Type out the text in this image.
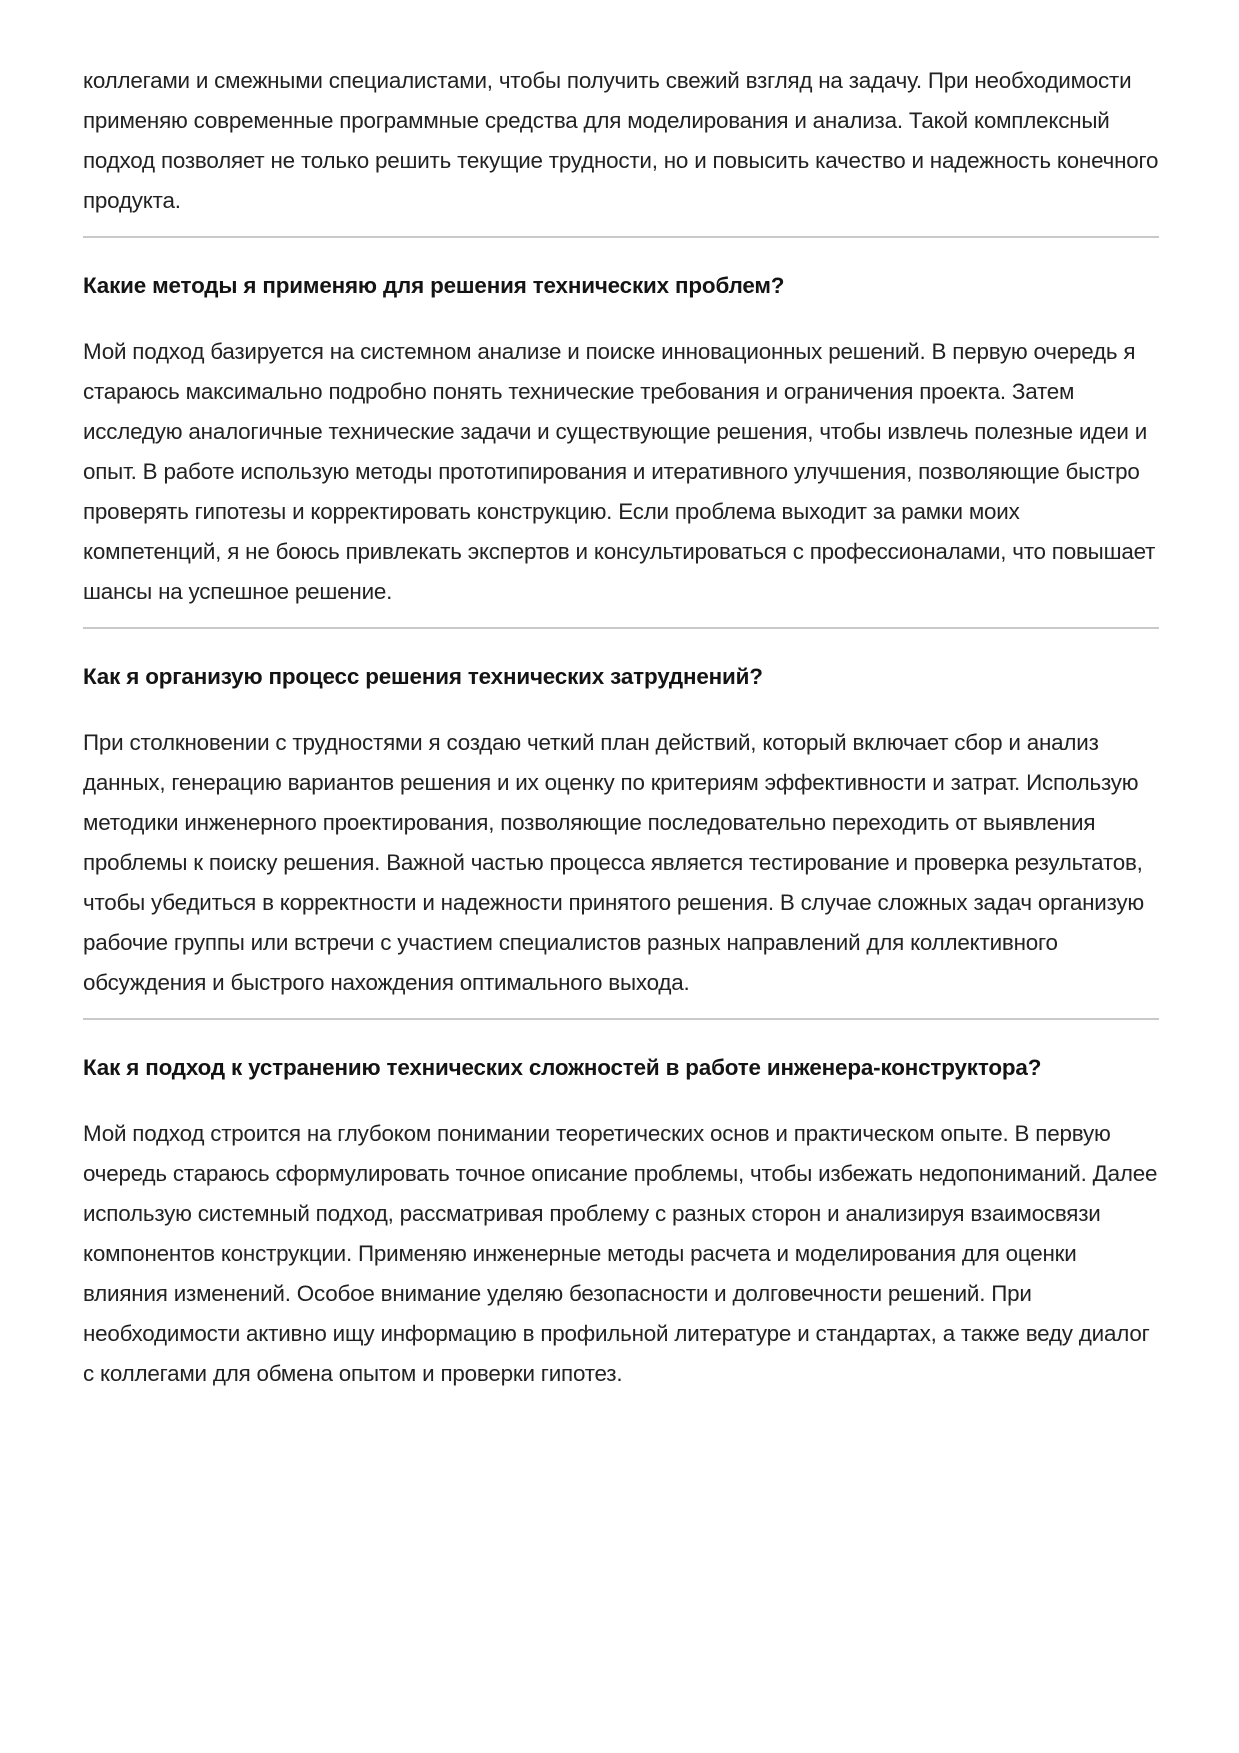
коллегами и смежными специалистами, чтобы получить свежий взгляд на задачу. При необходимости применяю современные программные средства для моделирования и анализа. Такой комплексный подход позволяет не только решить текущие трудности, но и повысить качество и надежность конечного продукта.

Какие методы я применяю для решения технических проблем?

Мой подход базируется на системном анализе и поиске инновационных решений. В первую очередь я стараюсь максимально подробно понять технические требования и ограничения проекта. Затем исследую аналогичные технические задачи и существующие решения, чтобы извлечь полезные идеи и опыт. В работе использую методы прототипирования и итеративного улучшения, позволяющие быстро проверять гипотезы и корректировать конструкцию. Если проблема выходит за рамки моих компетенций, я не боюсь привлекать экспертов и консультироваться с профессионалами, что повышает шансы на успешное решение.

Как я организую процесс решения технических затруднений?

При столкновении с трудностями я создаю четкий план действий, который включает сбор и анализ данных, генерацию вариантов решения и их оценку по критериям эффективности и затрат. Использую методики инженерного проектирования, позволяющие последовательно переходить от выявления проблемы к поиску решения. Важной частью процесса является тестирование и проверка результатов, чтобы убедиться в корректности и надежности принятого решения. В случае сложных задач организую рабочие группы или встречи с участием специалистов разных направлений для коллективного обсуждения и быстрого нахождения оптимального выхода.

Как я подход к устранению технических сложностей в работе инженера-конструктора?

Мой подход строится на глубоком понимании теоретических основ и практическом опыте. В первую очередь стараюсь сформулировать точное описание проблемы, чтобы избежать недопониманий. Далее использую системный подход, рассматривая проблему с разных сторон и анализируя взаимосвязи компонентов конструкции. Применяю инженерные методы расчета и моделирования для оценки влияния изменений. Особое внимание уделяю безопасности и долговечности решений. При необходимости активно ищу информацию в профильной литературе и стандартах, а также веду диалог с коллегами для обмена опытом и проверки гипотез.
